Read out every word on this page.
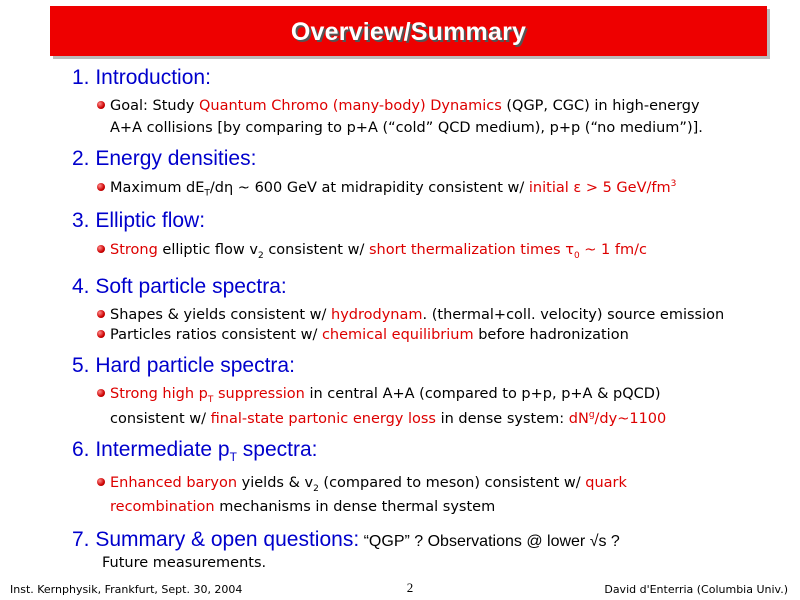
Overview/Summary
1. Introduction:
Goal: Study Quantum Chromo (many-body) Dynamics (QGP, CGC) in high-energy
A+A collisions [by comparing to p+A (“cold” QCD medium), p+p (“no medium”)].
2. Energy densities:
Maximum $dE_T/d\eta$ ~ 600 GeV at midrapidity consistent w/ initial ε > 5 GeV/$fm^3$
3. Elliptic flow:
Strong elliptic flow $v_2$ consistent w/ short thermalization times $\tau_0$ ~ 1 fm/c
4. Soft particle spectra:
Shapes & yields consistent w/ hydrodynam. (thermal+coll. velocity) source emission
Particles ratios consistent w/ chemical equilibrium before hadronization
5. Hard particle spectra:
Strong high $p_T$ suppression in central A+A (compared to p+p, p+A & pQCD)
consistent w/ final-state partonic energy loss in dense system: $dN^g/dy\sim 1100$
6. Intermediate $p_T$ spectra:
Enhanced baryon yields & $v_2$ (compared to meson) consistent w/ quark
recombination mechanisms in dense thermal system
7. Summary & open questions: “QGP” ? Observations @ lower √s ?
Future measurements.
Inst. Kernphysik, Frankfurt, Sept. 30, 2004	2	David d'Enterria (Columbia Univ.)
